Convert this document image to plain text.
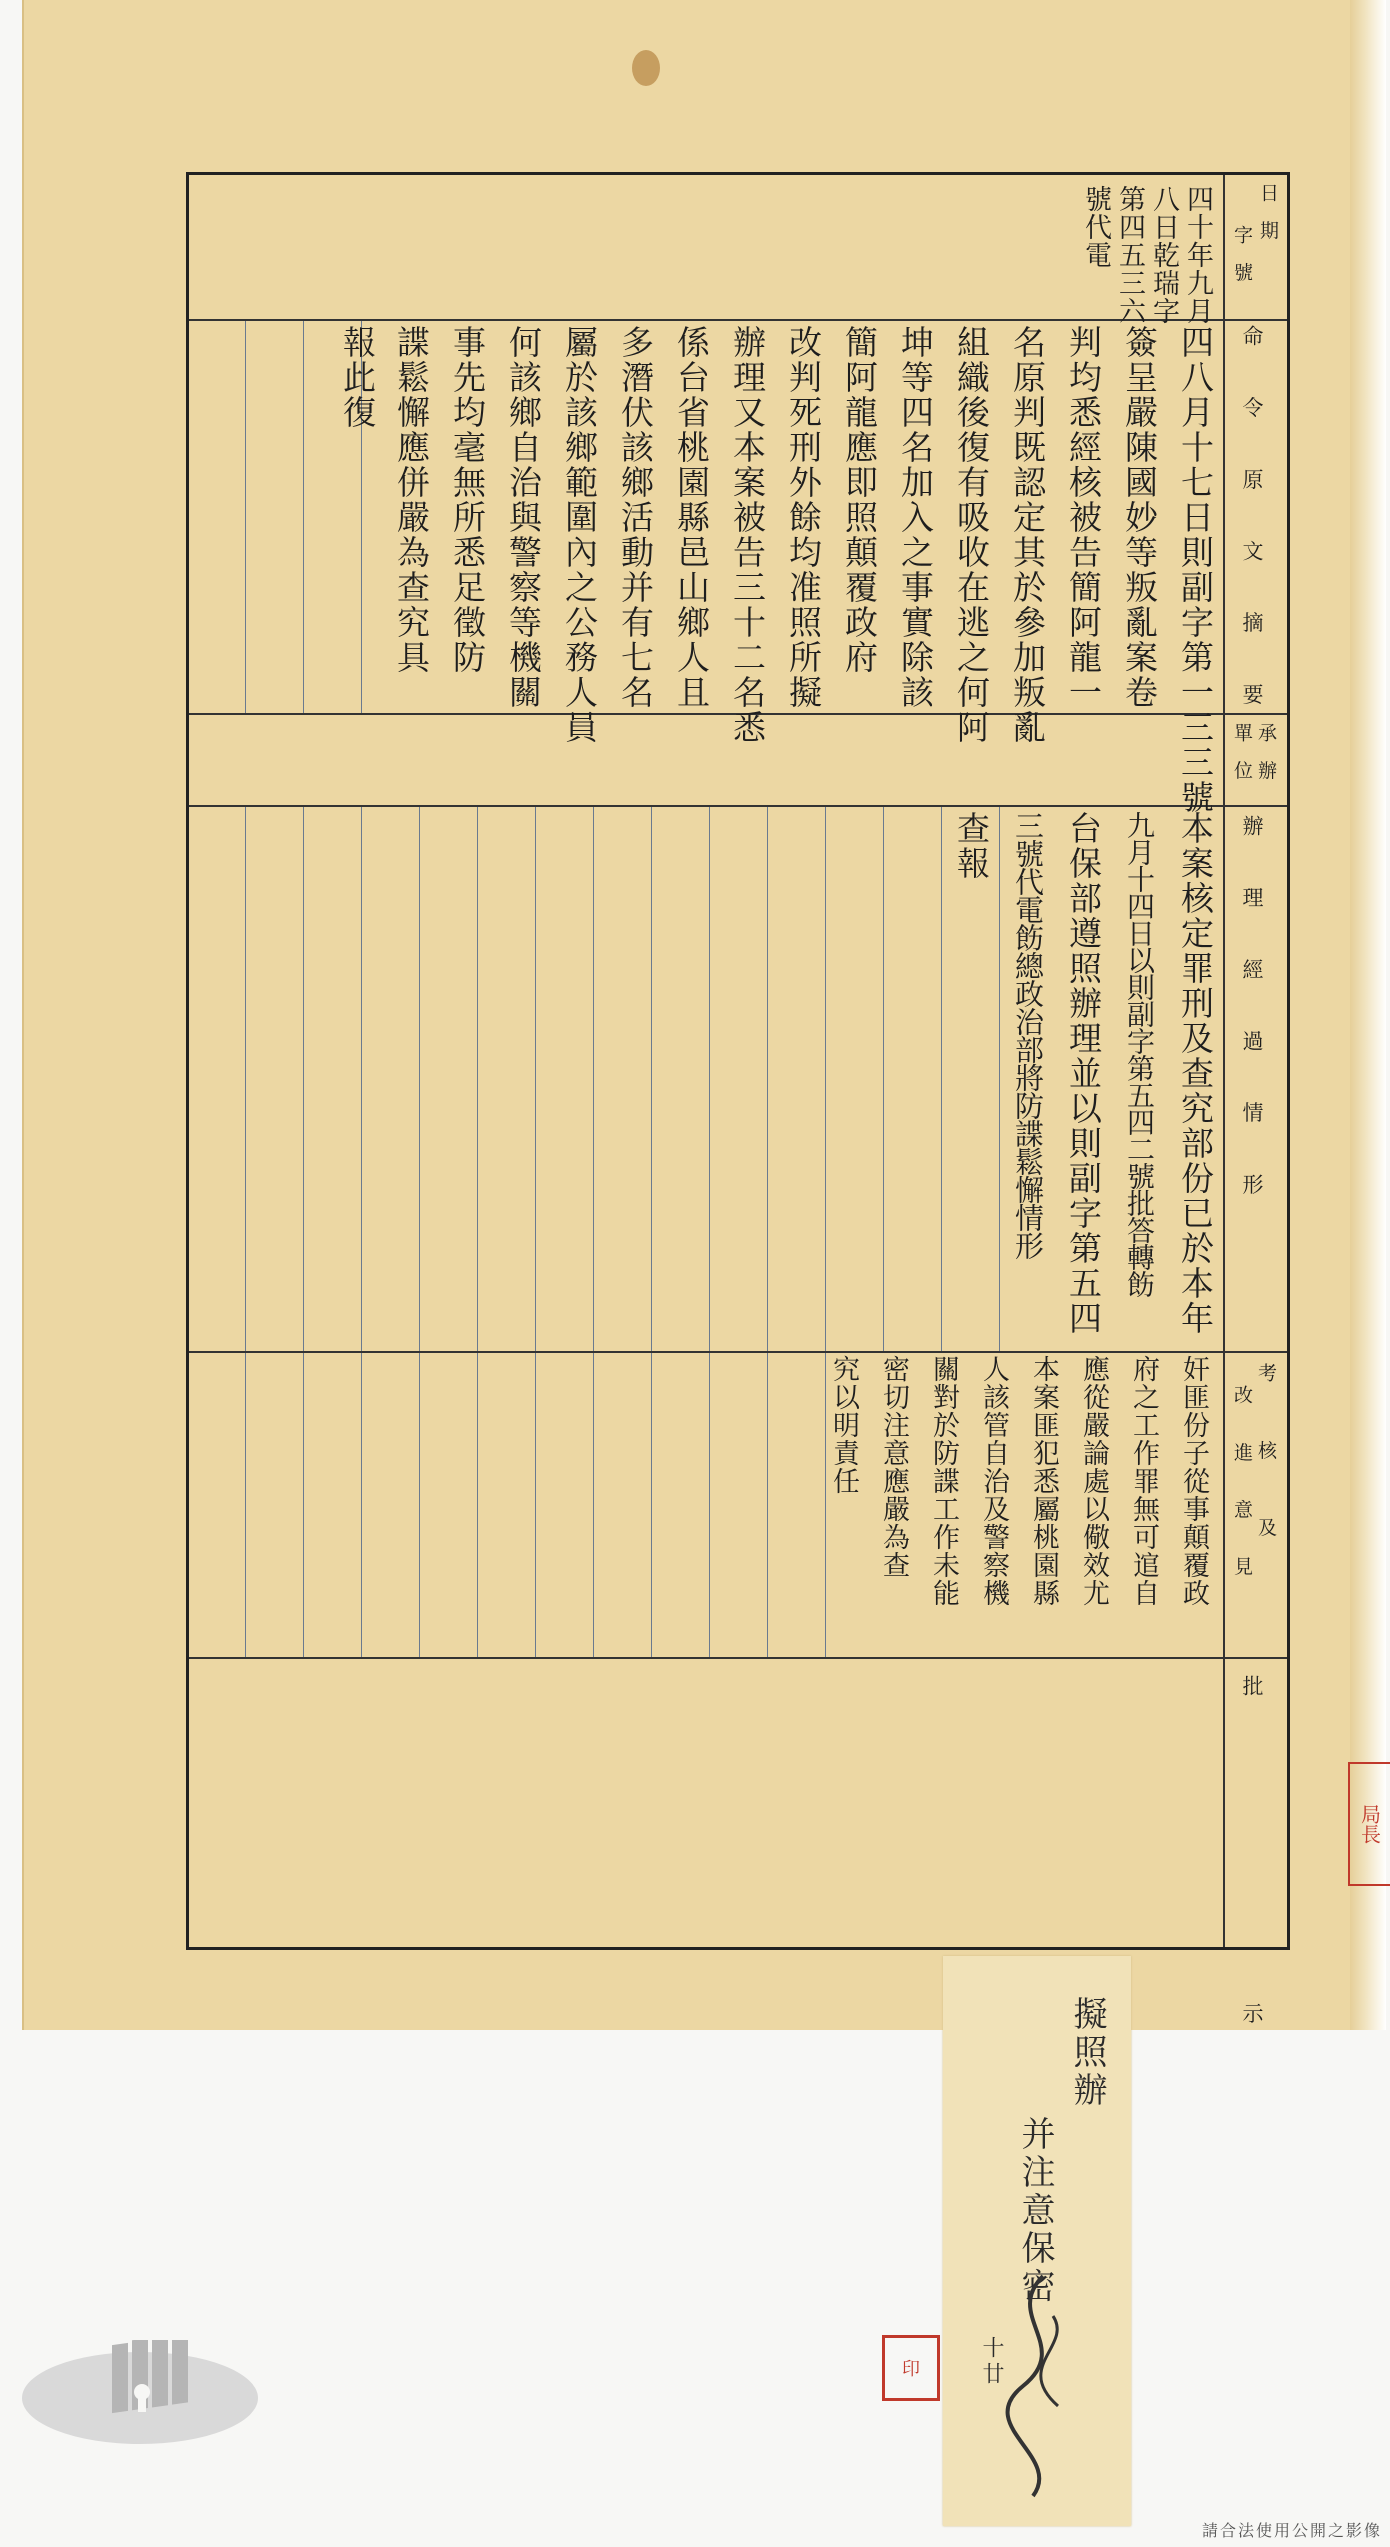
日 期
字 號
命 令 原 文 摘 要
承 辦
單 位
辦 理 經 過 情 形
考 核 及
改 進 意 見
批 示
四十年九月
八日乾瑞字
第四五三六
號代電
四八月十七日則副字第一三三號
簽呈嚴陳國妙等叛亂案卷
判均悉經核被告簡阿龍一
名原判既認定其於參加叛亂
組織後復有吸收在逃之何阿
坤等四名加入之事實除該
簡阿龍應即照顛覆政府
改判死刑外餘均准照所擬
辦理又本案被告三十二名悉
係台省桃園縣邑山鄉人且
多潛伏該鄉活動并有七名
屬於該鄉範圍內之公務人員
何該鄉自治與警察等機關
事先均毫無所悉足徵防
諜鬆懈應併嚴為查究具
報此復
本案核定罪刑及查究部份已於本年
九月十四日以則副字第五四二號批答轉飭
台保部遵照辦理並以則副字第五四
三號代電飭總政治部將防諜鬆懈情形
查報
奸匪份子從事顛覆政
府之工作罪無可逭自
應從嚴論處以儆效尤
本案匪犯悉屬桃園縣
人該管自治及警察機
關對於防諜工作未能
密切注意應嚴為查
究以明責任
局長
擬照辦
并注意保密
十廿
印
請合法使用公開之影像
